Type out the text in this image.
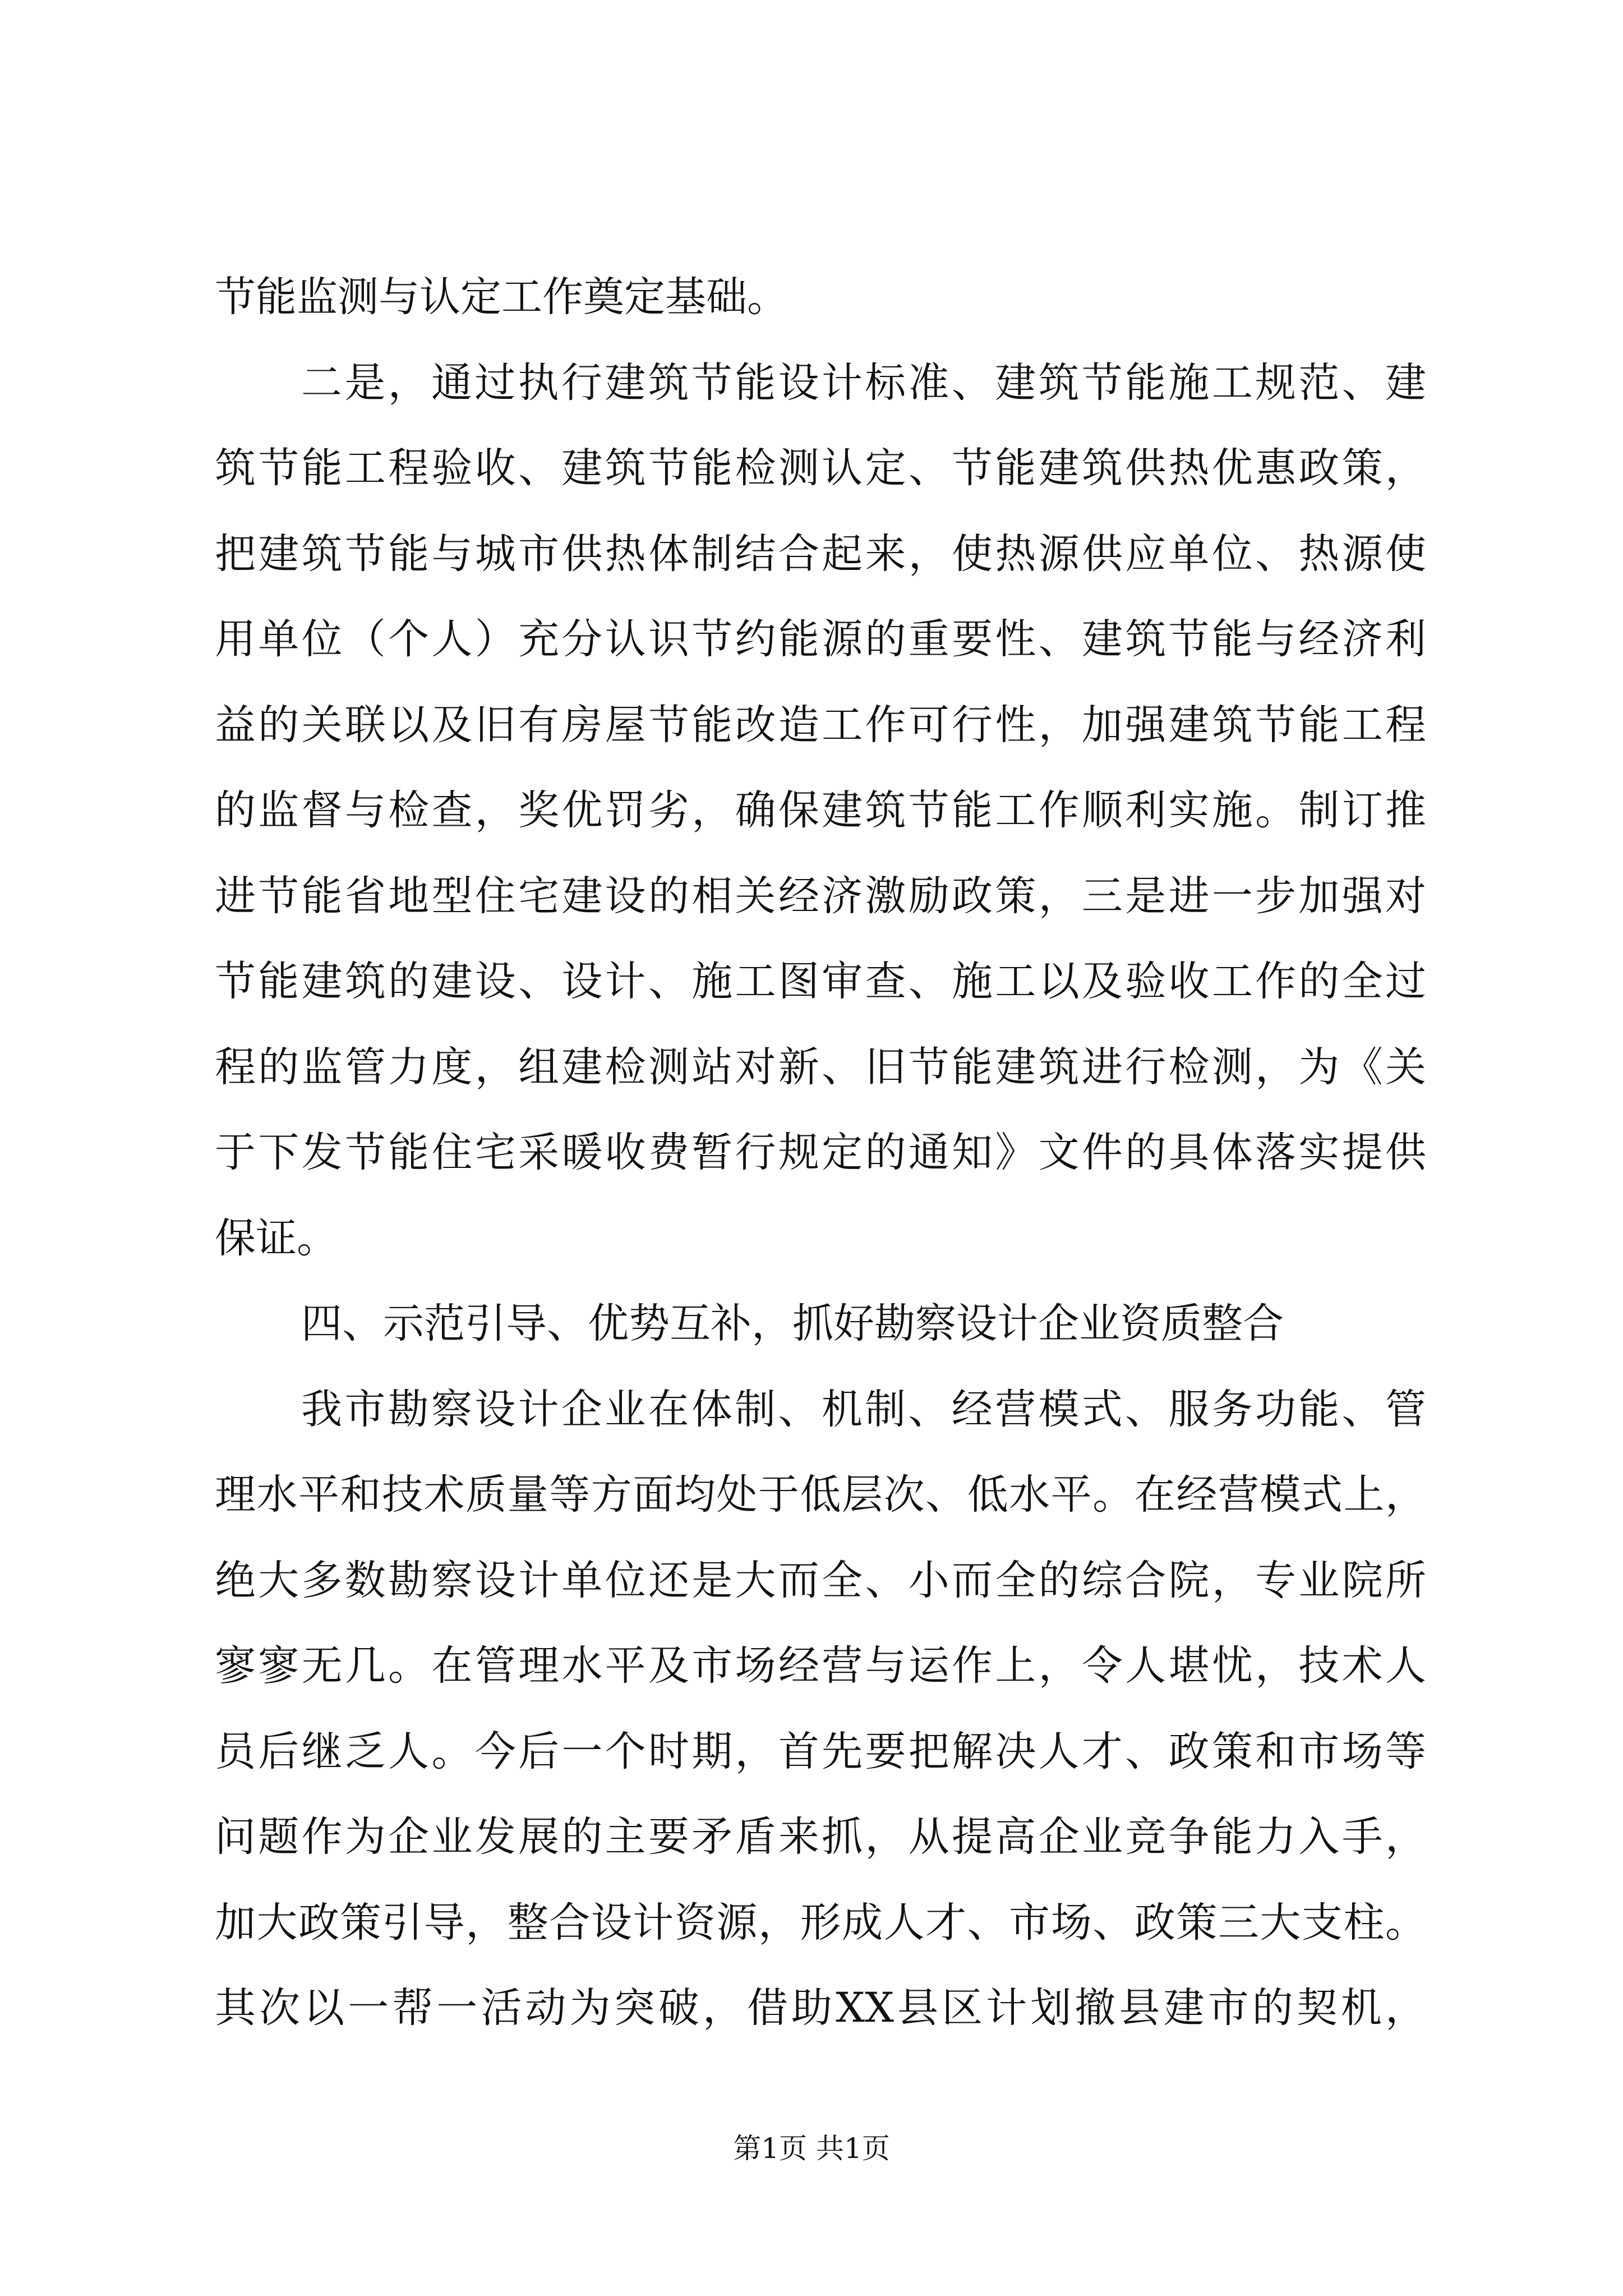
节能监测与认定工作奠定基础。
二是，通过执行建筑节能设计标准、建筑节能施工规范、建
筑节能工程验收、建筑节能检测认定、节能建筑供热优惠政策，
把建筑节能与城市供热体制结合起来，使热源供应单位、热源使
用单位（个人）充分认识节约能源的重要性、建筑节能与经济利
益的关联以及旧有房屋节能改造工作可行性，加强建筑节能工程
的监督与检查，奖优罚劣，确保建筑节能工作顺利实施。制订推
进节能省地型住宅建设的相关经济激励政策，三是进一步加强对
节能建筑的建设、设计、施工图审查、施工以及验收工作的全过
程的监管力度，组建检测站对新、旧节能建筑进行检测，为《关
于下发节能住宅采暖收费暂行规定的通知》文件的具体落实提供
保证。
四、示范引导、优势互补，抓好勘察设计企业资质整合
我市勘察设计企业在体制、机制、经营模式、服务功能、管
理水平和技术质量等方面均处于低层次、低水平。在经营模式上，
绝大多数勘察设计单位还是大而全、小而全的综合院，专业院所
寥寥无几。在管理水平及市场经营与运作上，令人堪忧，技术人
员后继乏人。今后一个时期，首先要把解决人才、政策和市场等
问题作为企业发展的主要矛盾来抓，从提高企业竞争能力入手，
加大政策引导，整合设计资源，形成人才、市场、政策三大支柱。
其次以一帮一活动为突破，借助XX县区计划撤县建市的契机，
第1页 共1页
